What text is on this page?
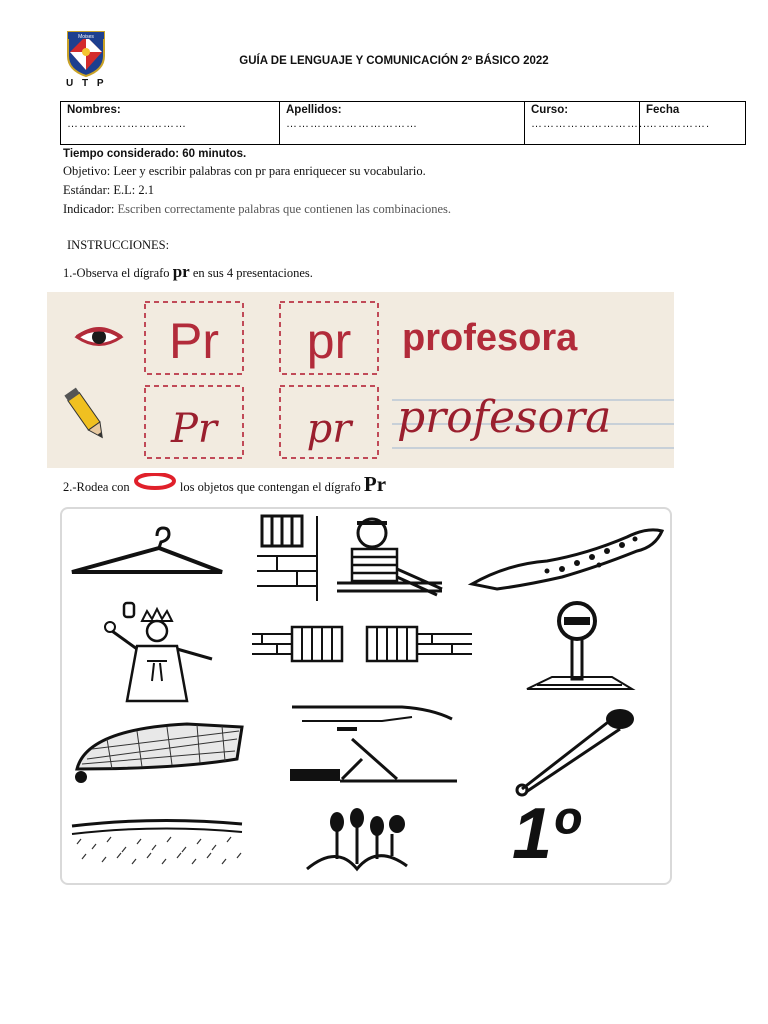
Moises
U T P
GUÍA DE LENGUAJE Y COMUNICACIÓN 2º BÁSICO 2022
Nombres:
…………………………
Apellidos:
……………………………
Curso:
………………………..
Fecha
…………….
Tiempo considerado: 60 minutos.
Objetivo: Leer y escribir palabras con pr para enriquecer su vocabulario.
Estándar: E.L: 2.1
Indicador: Escriben correctamente palabras que contienen las combinaciones.
INSTRUCCIONES:
1.-Observa el dígrafo pr en sus 4 presentaciones.
Pr pr profesora
Pr pr profesora
2.-Rodea con	los objetos que contengan el dígrafo Pr
1º
